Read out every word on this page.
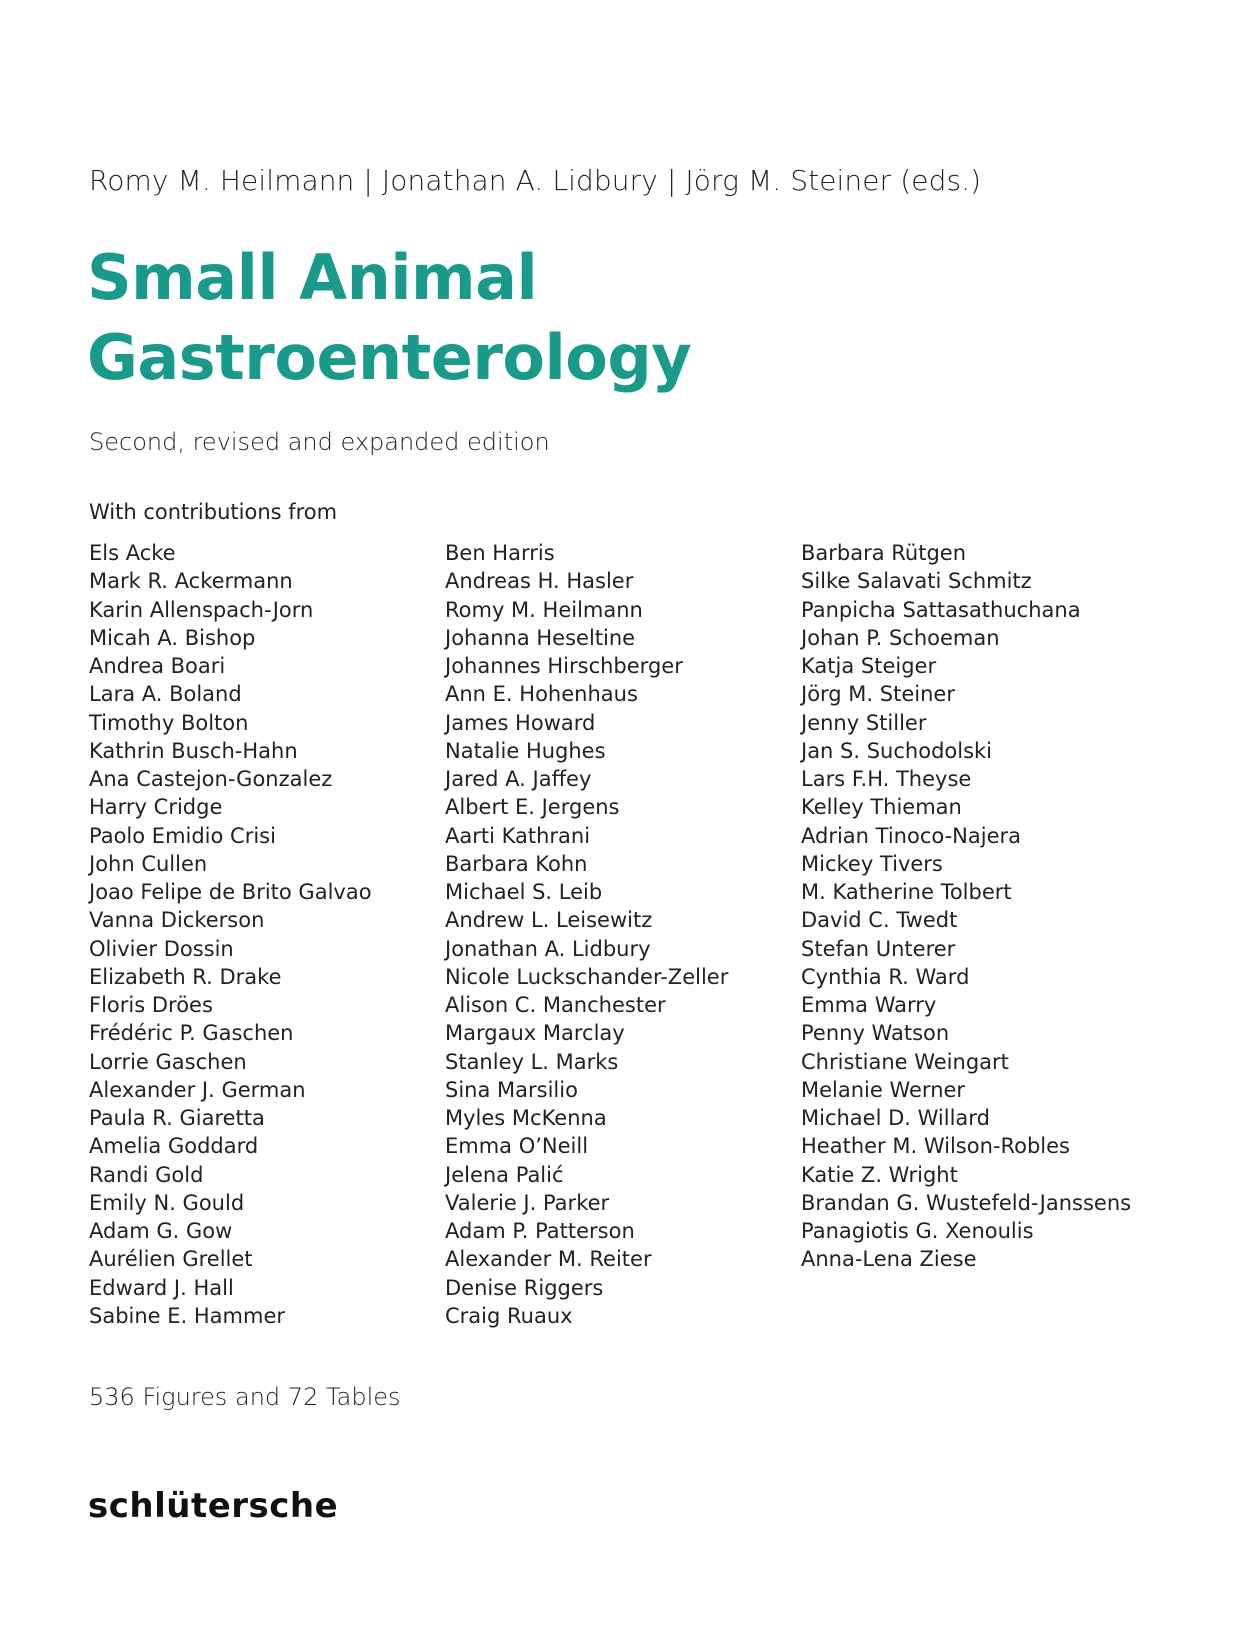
Romy M. Heilmann | Jonathan A. Lidbury | Jörg M. Steiner (eds.)
Small Animal
Gastroenterology
Second, revised and expanded edition
With contributions from
Els Acke
Mark R. Ackermann
Karin Allenspach-Jorn
Micah A. Bishop
Andrea Boari
Lara A. Boland
Timothy Bolton
Kathrin Busch-Hahn
Ana Castejon-Gonzalez
Harry Cridge
Paolo Emidio Crisi
John Cullen
Joao Felipe de Brito Galvao
Vanna Dickerson
Olivier Dossin
Elizabeth R. Drake
Floris Dröes
Frédéric P. Gaschen
Lorrie Gaschen
Alexander J. German
Paula R. Giaretta
Amelia Goddard
Randi Gold
Emily N. Gould
Adam G. Gow
Aurélien Grellet
Edward J. Hall
Sabine E. Hammer
Ben Harris
Andreas H. Hasler
Romy M. Heilmann
Johanna Heseltine
Johannes Hirschberger
Ann E. Hohenhaus
James Howard
Natalie Hughes
Jared A. Jaffey
Albert E. Jergens
Aarti Kathrani
Barbara Kohn
Michael S. Leib
Andrew L. Leisewitz
Jonathan A. Lidbury
Nicole Luckschander-Zeller
Alison C. Manchester
Margaux Marclay
Stanley L. Marks
Sina Marsilio
Myles McKenna
Emma O’Neill
Jelena Palić
Valerie J. Parker
Adam P. Patterson
Alexander M. Reiter
Denise Riggers
Craig Ruaux
Barbara Rütgen
Silke Salavati Schmitz
Panpicha Sattasathuchana
Johan P. Schoeman
Katja Steiger
Jörg M. Steiner
Jenny Stiller
Jan S. Suchodolski
Lars F.H. Theyse
Kelley Thieman
Adrian Tinoco-Najera
Mickey Tivers
M. Katherine Tolbert
David C. Twedt
Stefan Unterer
Cynthia R. Ward
Emma Warry
Penny Watson
Christiane Weingart
Melanie Werner
Michael D. Willard
Heather M. Wilson-Robles
Katie Z. Wright
Brandan G. Wustefeld-Janssens
Panagiotis G. Xenoulis
Anna-Lena Ziese
536 Figures and 72 Tables
schlütersche
